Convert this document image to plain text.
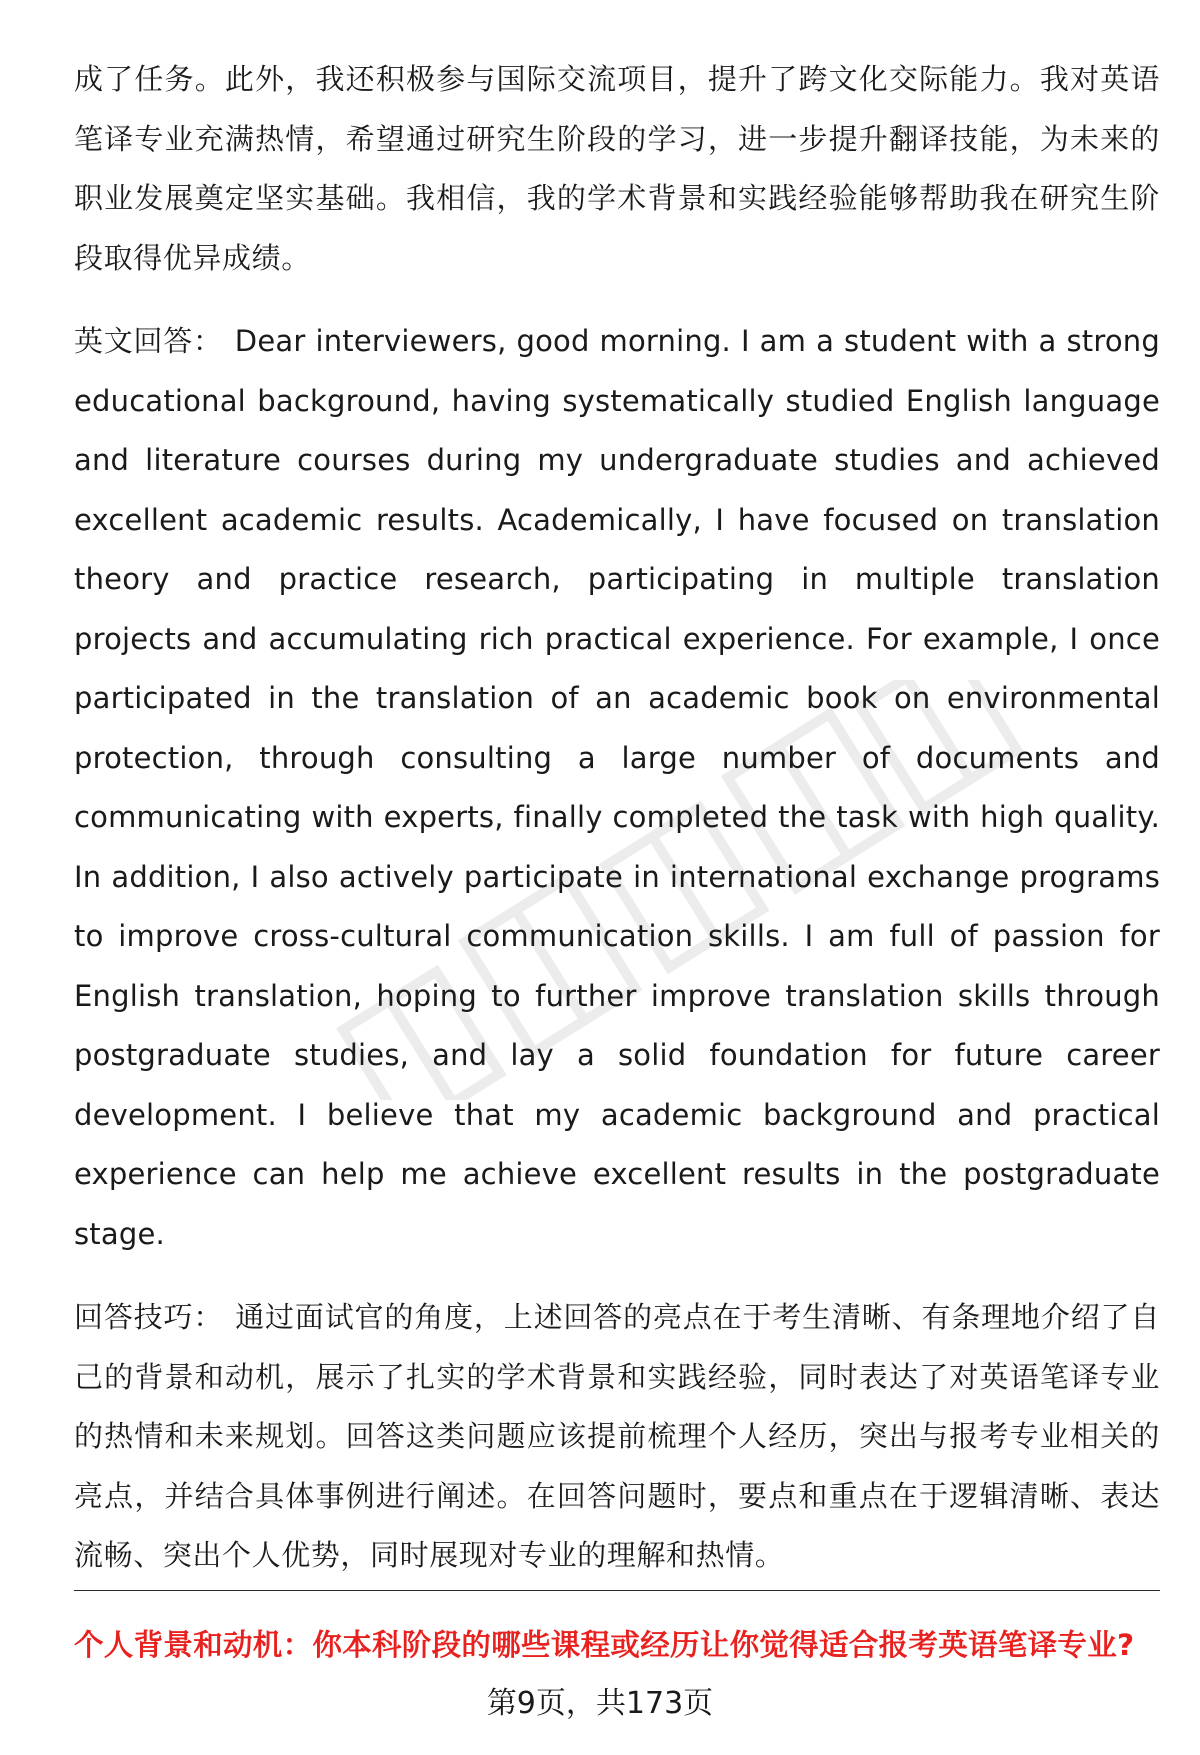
成了任务。此外，我还积极参与国际交流项目，提升了跨文化交际能力。我对英语笔译专业充满热情，希望通过研究生阶段的学习，进一步提升翻译技能，为未来的职业发展奠定坚实基础。我相信，我的学术背景和实践经验能够帮助我在研究生阶段取得优异成绩。

英文回答： Dear interviewers, good morning. I am a student with a strong educational background, having systematically studied English language and literature courses during my undergraduate studies and achieved excellent academic results. Academically, I have focused on translation theory and practice research, participating in multiple translation projects and accumulating rich practical experience. For example, I once participated in the translation of an academic book on environmental protection, through consulting a large number of documents and communicating with experts, finally completed the task with high quality. In addition, I also actively participate in international exchange programs to improve cross-cultural communication skills. I am full of passion for English translation, hoping to further improve translation skills through postgraduate studies, and lay a solid foundation for future career development. I believe that my academic background and practical experience can help me achieve excellent results in the postgraduate stage.

回答技巧： 通过面试官的角度，上述回答的亮点在于考生清晰、有条理地介绍了自己的背景和动机，展示了扎实的学术背景和实践经验，同时表达了对英语笔译专业的热情和未来规划。回答这类问题应该提前梳理个人经历，突出与报考专业相关的亮点，并结合具体事例进行阐述。在回答问题时，要点和重点在于逻辑清晰、表达流畅、突出个人优势，同时展现对专业的理解和热情。

个人背景和动机：你本科阶段的哪些课程或经历让你觉得适合报考英语笔译专业?
第9页，共173页
